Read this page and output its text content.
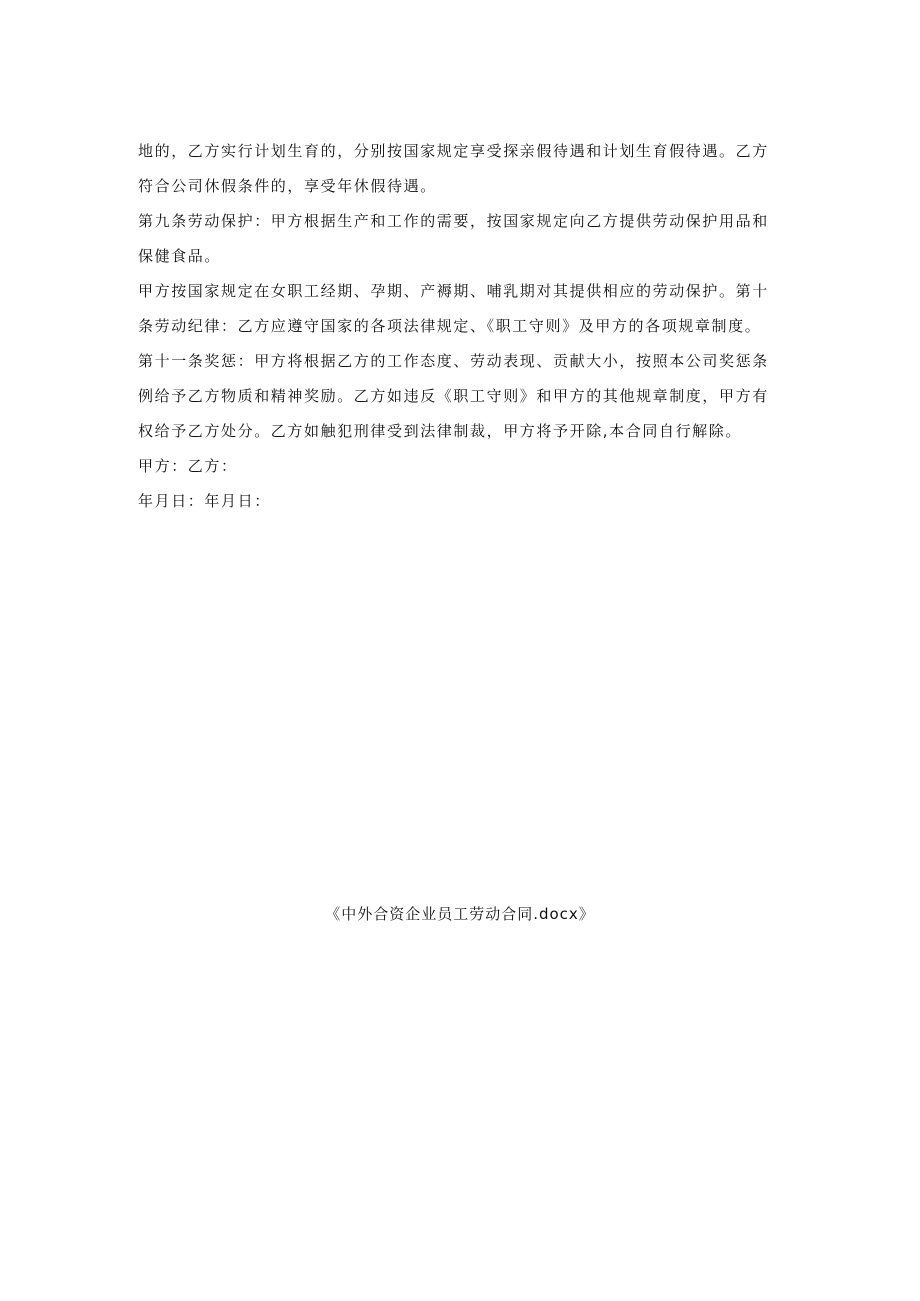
地的，乙方实行计划生育的，分别按国家规定享受探亲假待遇和计划生育假待遇。乙方符合公司休假条件的，享受年休假待遇。

第九条劳动保护：甲方根据生产和工作的需要，按国家规定向乙方提供劳动保护用品和保健食品。

甲方按国家规定在女职工经期、孕期、产褥期、哺乳期对其提供相应的劳动保护。第十条劳动纪律：乙方应遵守国家的各项法律规定、《职工守则》及甲方的各项规章制度。

第十一条奖惩：甲方将根据乙方的工作态度、劳动表现、贡献大小，按照本公司奖惩条例给予乙方物质和精神奖励。乙方如违反《职工守则》和甲方的其他规章制度，甲方有权给予乙方处分。乙方如触犯刑律受到法律制裁，甲方将予开除,本合同自行解除。

甲方：乙方：

年月日：年月日：

《中外合资企业员工劳动合同.docx》
